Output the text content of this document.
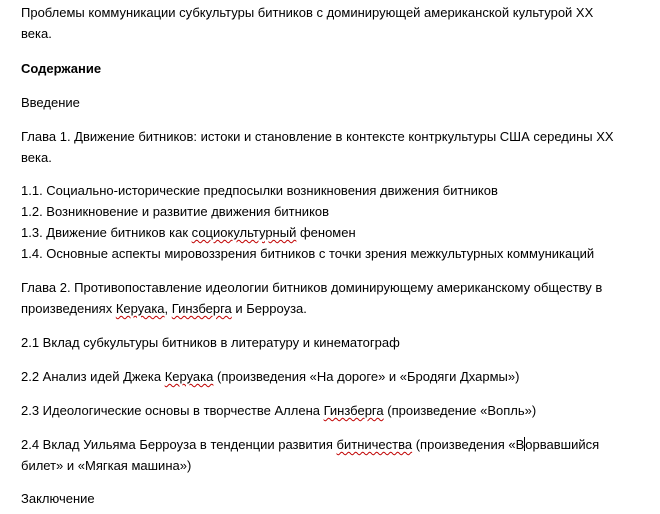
Проблемы коммуникации субкультуры битников с доминирующей американской культурой XX
века.
Содержание
Введение
Глава 1. Движение битников: истоки и становление в контексте контркультуры США середины XX
века.
1.1. Социально-исторические предпосылки возникновения движения битников
1.2. Возникновение и развитие движения битников
1.3. Движение битников как социокультурный феномен
1.4. Основные аспекты мировоззрения битников с точки зрения межкультурных коммуникаций
Глава 2. Противопоставление идеологии битников доминирующему американскому обществу в
произведениях Керуака, Гинзберга и Берроуза.
2.1 Вклад субкультуры битников в литературу и кинематограф
2.2 Анализ идей Джека Керуака (произведения «На дороге» и «Бродяги Дхармы»)
2.3 Идеологические основы в творчестве Аллена Гинзберга (произведение «Вопль»)
2.4 Вклад Уильяма Берроуза в тенденции развития битничества (произведения «Ворвавшийся
билет» и «Мягкая машина»)
Заключение
